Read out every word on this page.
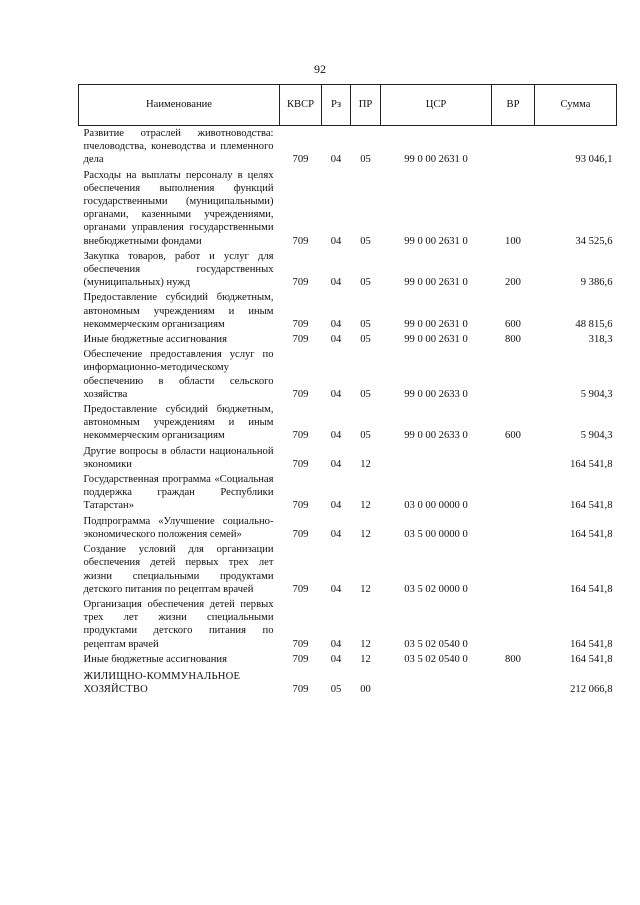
92
Наименование	КВСР	Рз	ПР	ЦСР	ВР	Сумма
Развитие отраслей животноводства: пчеловодства, коневодства и племенного дела	709	04	05	99 0 00 2631 0		93 046,1
Расходы на выплаты персоналу в целях обеспечения выполнения функций государственными (муниципальными) органами, казенными учреждениями, органами управления государственными внебюджетными фондами	709	04	05	99 0 00 2631 0	100	34 525,6
Закупка товаров, работ и услуг для обеспечения государственных (муниципальных) нужд	709	04	05	99 0 00 2631 0	200	9 386,6
Предоставление субсидий бюджетным, автономным учреждениям и иным некоммерческим организациям	709	04	05	99 0 00 2631 0	600	48 815,6
Иные бюджетные ассигнования	709	04	05	99 0 00 2631 0	800	318,3
Обеспечение предоставления услуг по информационно-методическому обеспечению в области сельского хозяйства	709	04	05	99 0 00 2633 0		5 904,3
Предоставление субсидий бюджетным, автономным учреждениям и иным некоммерческим организациям	709	04	05	99 0 00 2633 0	600	5 904,3
Другие вопросы в области национальной экономики	709	04	12			164 541,8
Государственная программа «Социальная поддержка граждан Республики Татарстан»	709	04	12	03 0 00 0000 0		164 541,8
Подпрограмма «Улучшение социально-экономического положения семей»	709	04	12	03 5 00 0000 0		164 541,8
Создание условий для организации обеспечения детей первых трех лет жизни специальными продуктами детского питания по рецептам врачей	709	04	12	03 5 02 0000 0		164 541,8
Организация обеспечения детей первых трех лет жизни специальными продуктами детского питания по рецептам врачей	709	04	12	03 5 02 0540 0		164 541,8
Иные бюджетные ассигнования	709	04	12	03 5 02 0540 0	800	164 541,8
ЖИЛИЩНО-КОММУНАЛЬНОЕ ХОЗЯЙСТВО	709	05	00			212 066,8
